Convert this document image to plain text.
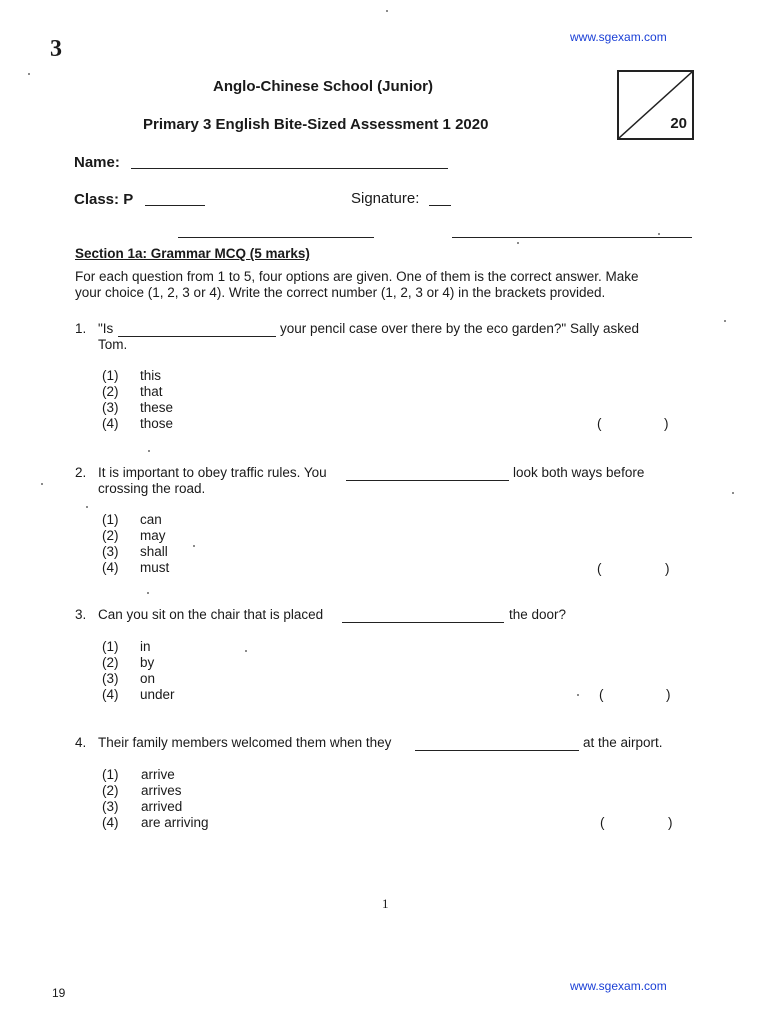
3	www.sgexam.com
Anglo-Chinese School (Junior)
Primary 3 English Bite-Sized Assessment 1 2020	20
Name:
Class: P	Signature:
Section 1a: Grammar MCQ (5 marks)
For each question from 1 to 5, four options are given. One of them is the correct answer. Make
your choice (1, 2, 3 or 4). Write the correct number (1, 2, 3 or 4) in the brackets provided.
1. "Is	your pencil case over there by the eco garden?" Sally asked
Tom.
(1) this
(2) that
(3) these
(4) those	(	)
2. It is important to obey traffic rules. You	look both ways before
crossing the road.
(1) can
(2) may
(3) shall
(4) must	(	)
3. Can you sit on the chair that is placed	the door?
(1) in
(2) by
(3) on
(4) under	(	)
4. Their family members welcomed them when they	at the airport.
(1) arrive
(2) arrives
(3) arrived
(4) are arriving	(	)
1
19	www.sgexam.com
